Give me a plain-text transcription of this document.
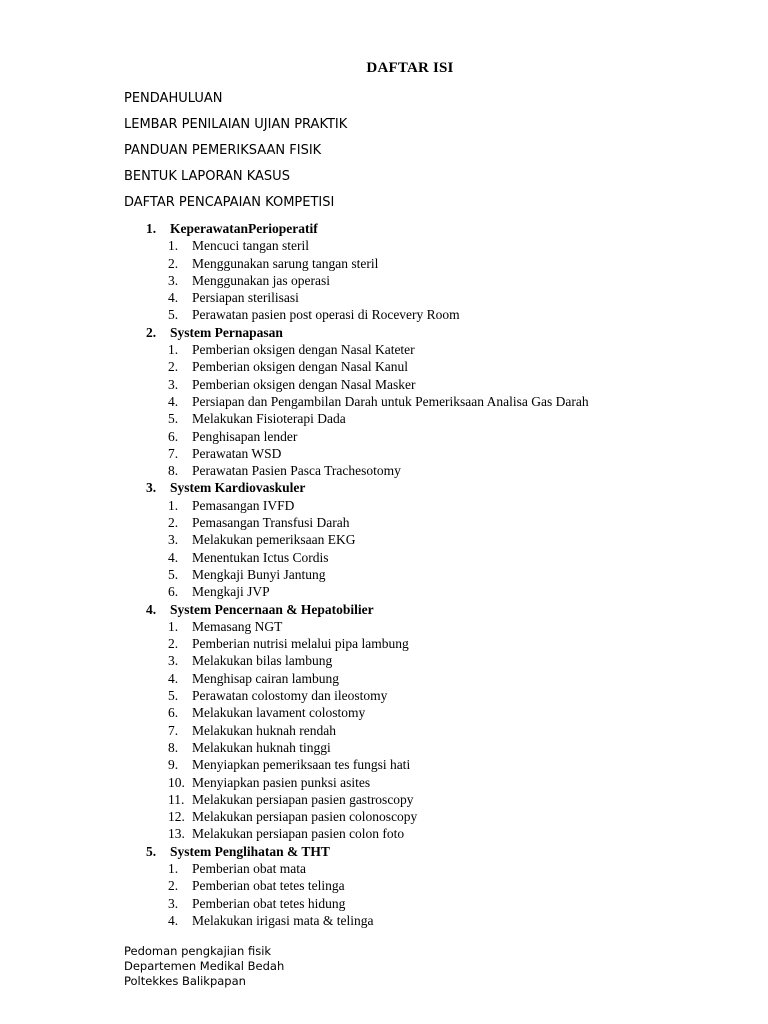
DAFTAR ISI
PENDAHULUAN
LEMBAR PENILAIAN UJIAN PRAKTIK
PANDUAN PEMERIKSAAN FISIK
BENTUK LAPORAN KASUS
DAFTAR PENCAPAIAN KOMPETISI
1. KeperawatanPerioperatif
1. Mencuci tangan steril
2. Menggunakan sarung tangan steril
3. Menggunakan jas operasi
4. Persiapan sterilisasi
5. Perawatan pasien post operasi di Rocevery Room
2. System Pernapasan
1. Pemberian oksigen dengan Nasal Kateter
2. Pemberian oksigen dengan Nasal Kanul
3. Pemberian oksigen dengan Nasal Masker
4. Persiapan dan Pengambilan Darah untuk Pemeriksaan Analisa Gas Darah
5. Melakukan Fisioterapi Dada
6. Penghisapan lender
7. Perawatan WSD
8. Perawatan Pasien Pasca Trachesotomy
3. System Kardiovaskuler
1. Pemasangan IVFD
2. Pemasangan Transfusi Darah
3. Melakukan pemeriksaan EKG
4. Menentukan Ictus Cordis
5. Mengkaji Bunyi Jantung
6. Mengkaji JVP
4. System Pencernaan & Hepatobilier
1. Memasang NGT
2. Pemberian nutrisi melalui pipa lambung
3. Melakukan bilas lambung
4. Menghisap cairan lambung
5. Perawatan colostomy dan ileostomy
6. Melakukan lavament colostomy
7. Melakukan huknah rendah
8. Melakukan huknah tinggi
9. Menyiapkan pemeriksaan tes fungsi hati
10. Menyiapkan pasien punksi asites
11. Melakukan persiapan pasien gastroscopy
12. Melakukan persiapan pasien colonoscopy
13. Melakukan persiapan pasien colon foto
5. System Penglihatan & THT
1. Pemberian obat mata
2. Pemberian obat tetes telinga
3. Pemberian obat tetes hidung
4. Melakukan irigasi mata & telinga
Pedoman pengkajian fisik
Departemen Medikal Bedah
Poltekkes Balikpapan
